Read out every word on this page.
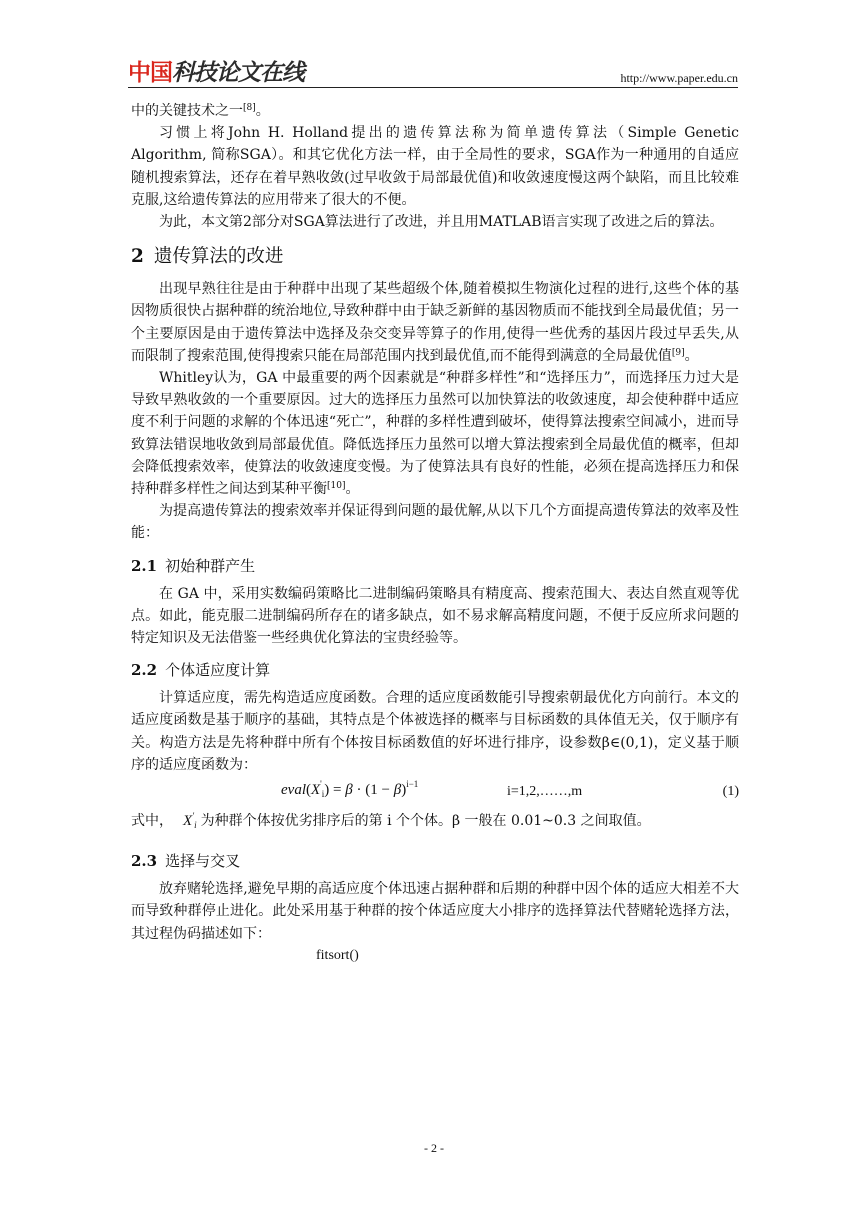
中国科技论文在线	http://www.paper.edu.cn

中的关键技术之一[8]。

习惯上将John H. Holland提出的遗传算法称为简单遗传算法（Simple Genetic Algorithm, 简称SGA）。和其它优化方法一样，由于全局性的要求，SGA作为一种通用的自适应随机搜索算法，还存在着早熟收敛(过早收敛于局部最优值)和收敛速度慢这两个缺陷，而且比较难克服,这给遗传算法的应用带来了很大的不便。

为此，本文第2部分对SGA算法进行了改进，并且用MATLAB语言实现了改进之后的算法。

2 遗传算法的改进

出现早熟往往是由于种群中出现了某些超级个体,随着模拟生物演化过程的进行,这些个体的基因物质很快占据种群的统治地位,导致种群中由于缺乏新鲜的基因物质而不能找到全局最优值；另一个主要原因是由于遗传算法中选择及杂交变异等算子的作用,使得一些优秀的基因片段过早丢失,从而限制了搜索范围,使得搜索只能在局部范围内找到最优值,而不能得到满意的全局最优值[9]。

Whitley认为，GA 中最重要的两个因素就是“种群多样性”和“选择压力”，而选择压力过大是导致早熟收敛的一个重要原因。过大的选择压力虽然可以加快算法的收敛速度，却会使种群中适应度不利于问题的求解的个体迅速“死亡”，种群的多样性遭到破坏，使得算法搜索空间减小，进而导致算法错误地收敛到局部最优值。降低选择压力虽然可以增大算法搜索到全局最优值的概率，但却会降低搜索效率，使算法的收敛速度变慢。为了使算法具有良好的性能，必须在提高选择压力和保持种群多样性之间达到某种平衡[10]。

为提高遗传算法的搜索效率并保证得到问题的最优解,从以下几个方面提高遗传算法的效率及性能：

2.1 初始种群产生

在 GA 中，采用实数编码策略比二进制编码策略具有精度高、搜索范围大、表达自然直观等优点。如此，能克服二进制编码所存在的诸多缺点，如不易求解高精度问题，不便于反应所求问题的特定知识及无法借鉴一些经典优化算法的宝贵经验等。

2.2 个体适应度计算

计算适应度，需先构造适应度函数。合理的适应度函数能引导搜索朝最优化方向前行。本文的适应度函数是基于顺序的基础，其特点是个体被选择的概率与目标函数的具体值无关，仅于顺序有关。构造方法是先将种群中所有个体按目标函数值的好坏进行排序，设参数β∈(0,1)，定义基于顺序的适应度函数为：

$eval(X'_i) = \beta \cdot (1 - \beta)^{i-1}$	i=1,2,……,m	(1)

式中， $X'_i$ 为种群个体按优劣排序后的第 i 个个体。β 一般在 0.01~0.3 之间取值。

2.3 选择与交叉

放弃赌轮选择,避免早期的高适应度个体迅速占据种群和后期的种群中因个体的适应大相差不大而导致种群停止进化。此处采用基于种群的按个体适应度大小排序的选择算法代替赌轮选择方法，其过程伪码描述如下：

fitsort()
- 2 -
